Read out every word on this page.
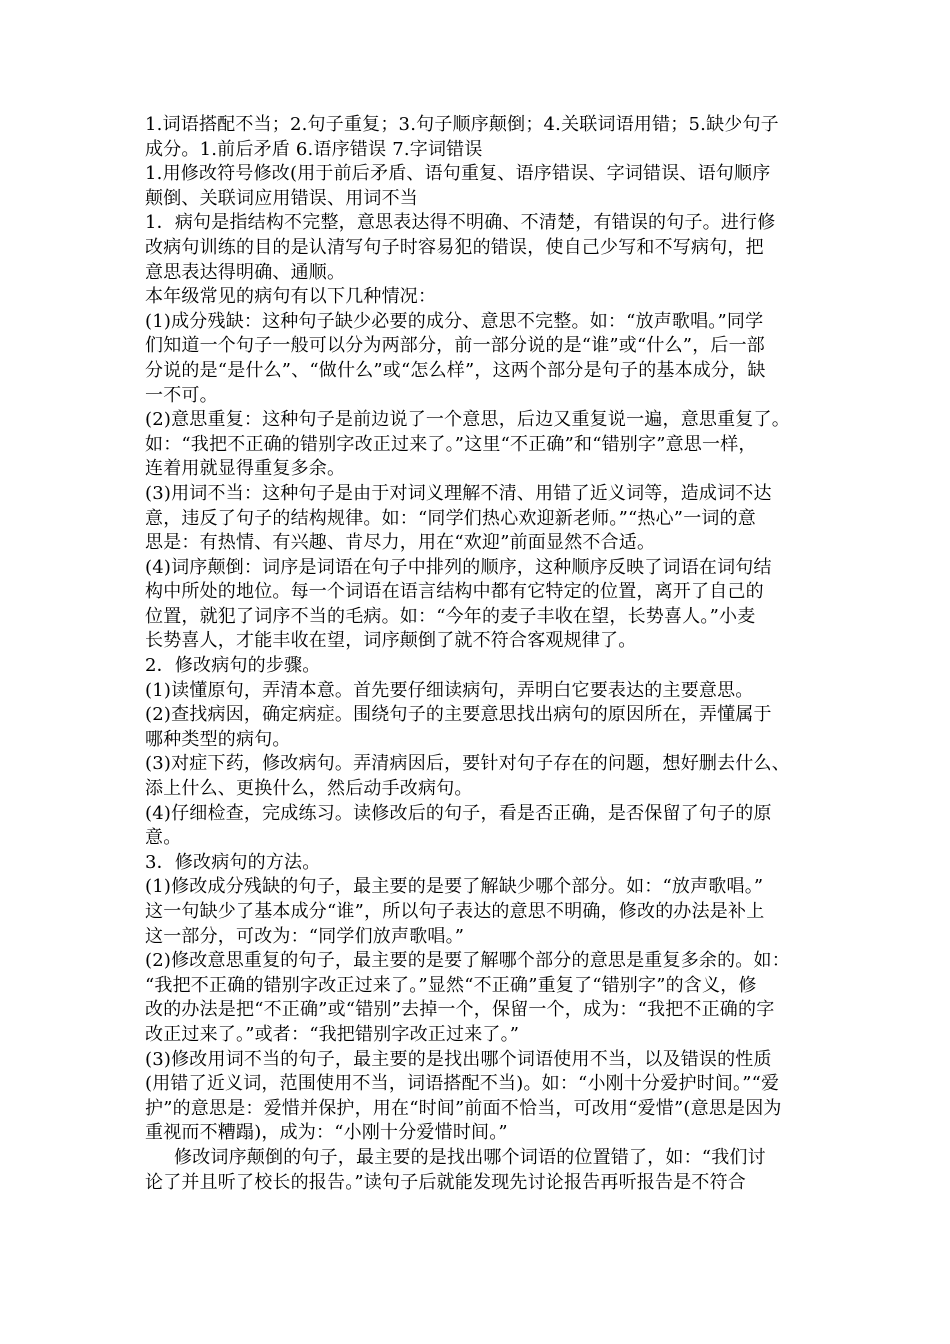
1.词语搭配不当；2.句子重复；3.句子顺序颠倒；4.关联词语用错；5.缺少句子
成分。1.前后矛盾 6.语序错误 7.字词错误
1.用修改符号修改(用于前后矛盾、语句重复、语序错误、字词错误、语句顺序
颠倒、关联词应用错误、用词不当
1．病句是指结构不完整，意思表达得不明确、不清楚，有错误的句子。进行修
改病句训练的目的是认清写句子时容易犯的错误，使自己少写和不写病句，把
意思表达得明确、通顺。
本年级常见的病句有以下几种情况：
(1)成分残缺：这种句子缺少必要的成分、意思不完整。如：“放声歌唱。”同学
们知道一个句子一般可以分为两部分，前一部分说的是“谁”或“什么”，后一部
分说的是“是什么”、“做什么”或“怎么样”，这两个部分是句子的基本成分，缺
一不可。
(2)意思重复：这种句子是前边说了一个意思，后边又重复说一遍，意思重复了。
如：“我把不正确的错别字改正过来了。”这里“不正确”和“错别字”意思一样，
连着用就显得重复多余。
(3)用词不当：这种句子是由于对词义理解不清、用错了近义词等，造成词不达
意，违反了句子的结构规律。如：“同学们热心欢迎新老师。”“热心”一词的意
思是：有热情、有兴趣、肯尽力，用在“欢迎”前面显然不合适。
(4)词序颠倒：词序是词语在句子中排列的顺序，这种顺序反映了词语在词句结
构中所处的地位。每一个词语在语言结构中都有它特定的位置，离开了自己的
位置，就犯了词序不当的毛病。如：“今年的麦子丰收在望，长势喜人。”小麦
长势喜人，才能丰收在望，词序颠倒了就不符合客观规律了。
2．修改病句的步骤。
(1)读懂原句，弄清本意。首先要仔细读病句，弄明白它要表达的主要意思。
(2)查找病因，确定病症。围绕句子的主要意思找出病句的原因所在，弄懂属于
哪种类型的病句。
(3)对症下药，修改病句。弄清病因后，要针对句子存在的问题，想好删去什么、
添上什么、更换什么，然后动手改病句。
(4)仔细检查，完成练习。读修改后的句子，看是否正确，是否保留了句子的原
意。
3．修改病句的方法。
(1)修改成分残缺的句子，最主要的是要了解缺少哪个部分。如：“放声歌唱。”
这一句缺少了基本成分“谁”，所以句子表达的意思不明确，修改的办法是补上
这一部分，可改为：“同学们放声歌唱。”
(2)修改意思重复的句子，最主要的是要了解哪个部分的意思是重复多余的。如：
“我把不正确的错别字改正过来了。”显然“不正确”重复了“错别字”的含义，修
改的办法是把“不正确”或“错别”去掉一个，保留一个，成为：“我把不正确的字
改正过来了。”或者：“我把错别字改正过来了。”
(3)修改用词不当的句子，最主要的是找出哪个词语使用不当，以及错误的性质
(用错了近义词，范围使用不当，词语搭配不当)。如：“小刚十分爱护时间。”“爱
护”的意思是：爱惜并保护，用在“时间”前面不恰当，可改用“爱惜”(意思是因为
重视而不糟蹋)，成为：“小刚十分爱惜时间。”
修改词序颠倒的句子，最主要的是找出哪个词语的位置错了，如：“我们讨
论了并且听了校长的报告。”读句子后就能发现先讨论报告再听报告是不符合
